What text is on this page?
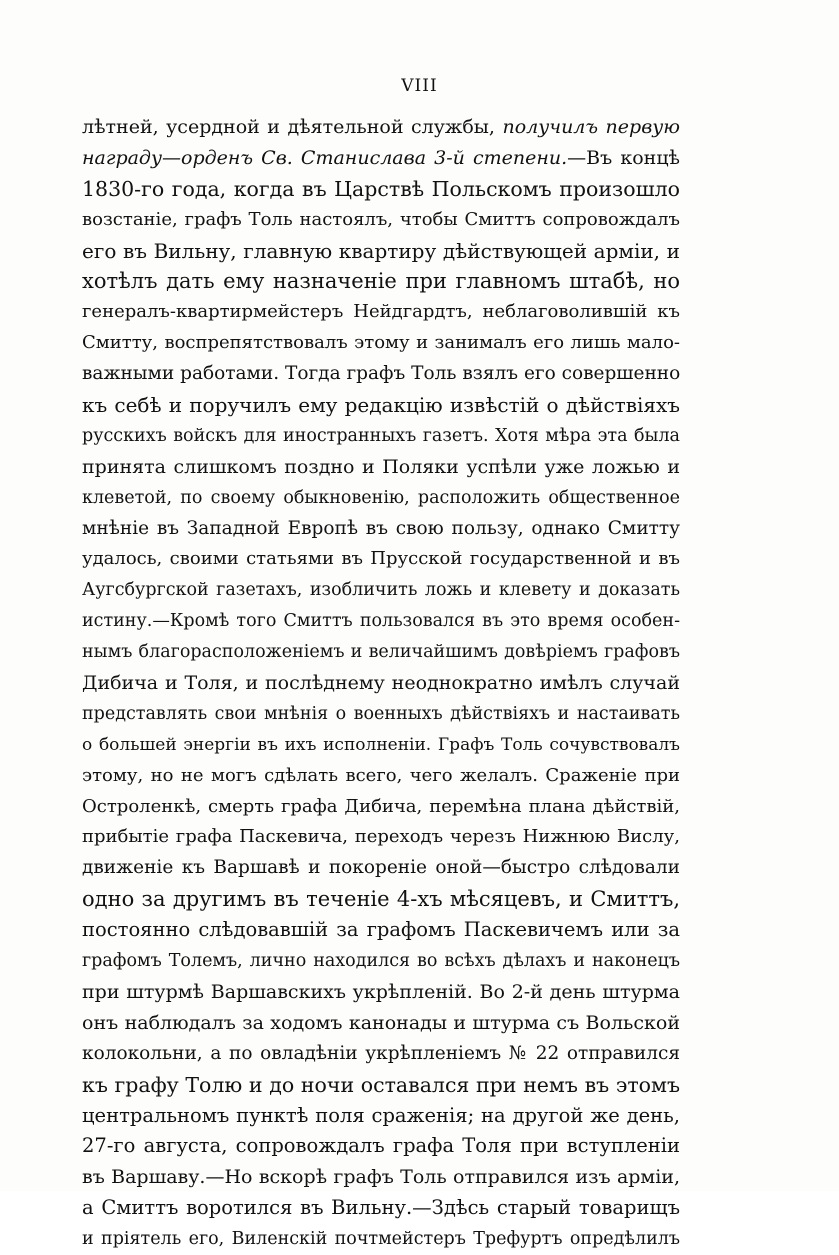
VIII
лѣтней, усердной и дѣятельной службы, получилъ первую
награду—орденъ Св. Станислава 3-й степени.—Въ концѣ
1830-го года, когда въ Царствѣ Польскомъ произошло
возстаніе, графъ Толь настоялъ, чтобы Смиттъ сопровождалъ
его въ Вильну, главную квартиру дѣйствующей арміи, и
хотѣлъ дать ему назначеніе при главномъ штабѣ, но
генералъ-квартирмейстеръ Нейдгардтъ, неблаговолившій къ
Смитту, воспрепятствовалъ этому и занималъ его лишь мало-
важными работами. Тогда графъ Толь взялъ его совершенно
къ себѣ и поручилъ ему редакцію извѣстій о дѣйствіяхъ
русскихъ войскъ для иностранныхъ газетъ. Хотя мѣра эта была
принята слишкомъ поздно и Поляки успѣли уже ложью и
клеветой, по своему обыкновенію, расположить общественное
мнѣніе въ Западной Европѣ въ свою пользу, однако Смитту
удалось, своими статьями въ Прусской государственной и въ
Аугсбургской газетахъ, изобличить ложь и клевету и доказать
истину.—Кромѣ того Смиттъ пользовался въ это время особен-
нымъ благорасположеніемъ и величайшимъ довѣріемъ графовъ
Дибича и Толя, и послѣднему неоднократно имѣлъ случай
представлять свои мнѣнія о военныхъ дѣйствіяхъ и настаивать
о большей энергіи въ ихъ исполненіи. Графъ Толь сочувствовалъ
этому, но не могъ сдѣлать всего, чего желалъ. Сраженіе при
Остроленкѣ, смерть графа Дибича, перемѣна плана дѣйствій,
прибытіе графа Паскевича, переходъ черезъ Нижнюю Вислу,
движеніе къ Варшавѣ и покореніе оной—быстро слѣдовали
одно за другимъ въ теченіе 4-хъ мѣсяцевъ, и Смиттъ,
постоянно слѣдовавшій за графомъ Паскевичемъ или за
графомъ Толемъ, лично находился во всѣхъ дѣлахъ и наконецъ
при штурмѣ Варшавскихъ укрѣпленій. Во 2-й день штурма
онъ наблюдалъ за ходомъ канонады и штурма съ Вольской
колокольни, а по овладѣніи укрѣпленіемъ № 22 отправился
къ графу Толю и до ночи оставался при немъ въ этомъ
центральномъ пунктѣ поля сраженія; на другой же день,
27-го августа, сопровождалъ графа Толя при вступленіи
въ Варшаву.—Но вскорѣ графъ Толь отправился изъ арміи,
а Смиттъ воротился въ Вильну.—Здѣсь старый товарищъ
и пріятель его, Виленскій почтмейстеръ Трефуртъ опредѣлилъ
